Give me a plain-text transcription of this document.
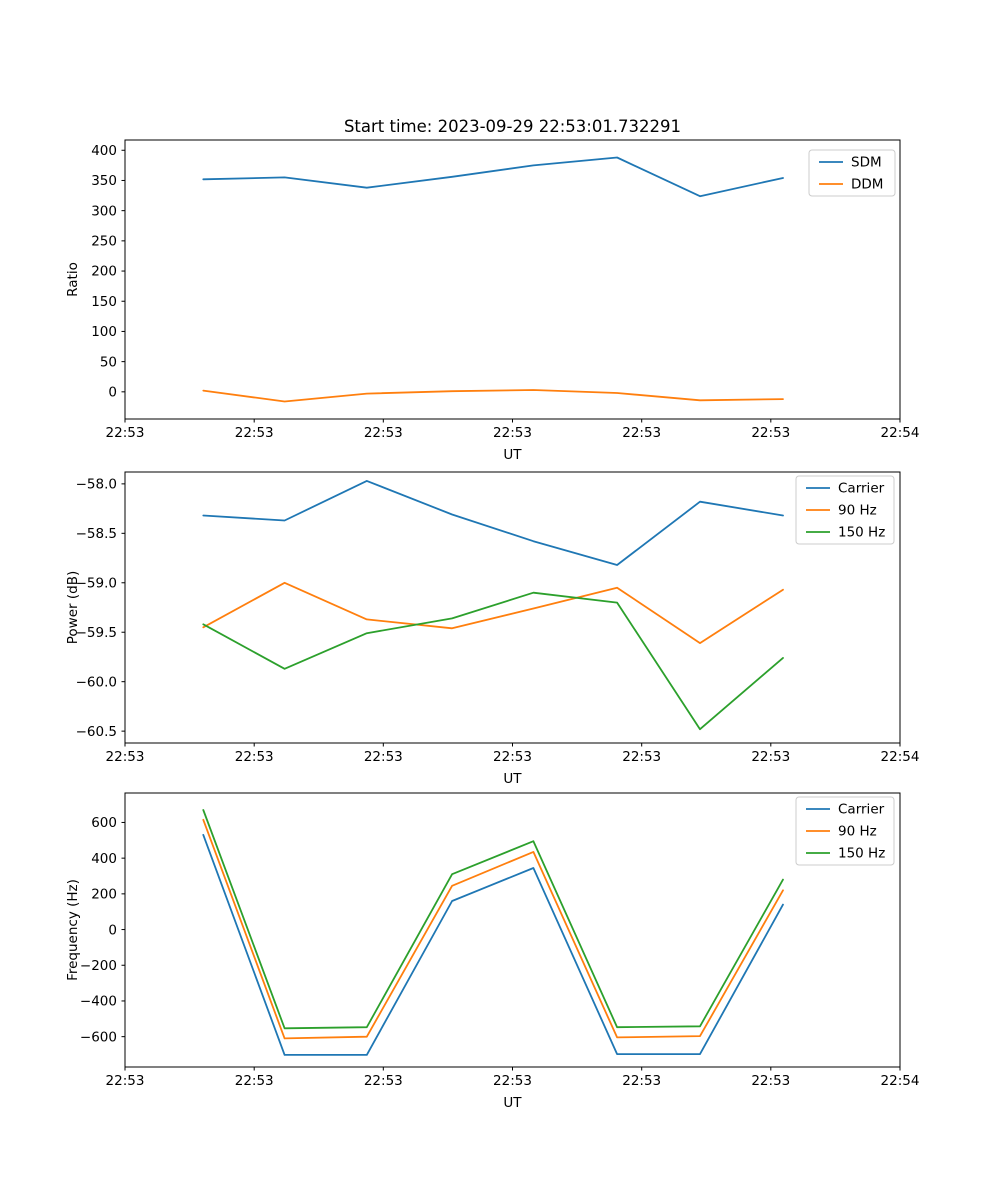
Start time: 2023-09-29 22:53:01.732291
0
50
100
150
200
250
300
350
400
22:53	22:53	22:53	22:53	22:53	22:53	22:54
UT
Ratio
SDM
DDM
−58.0
−58.5
−59.0
−59.5
−60.0
−60.5
22:53	22:53	22:53	22:53	22:53	22:53	22:54
UT
Power (dB)
Carrier
90 Hz
150 Hz
600
400
200
0
−200
−400
−600
22:53	22:53	22:53	22:53	22:53	22:53	22:54
UT
Frequency (Hz)
Carrier
90 Hz
150 Hz
